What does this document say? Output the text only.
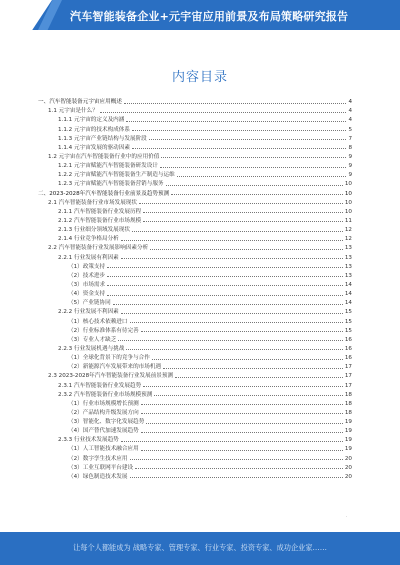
汽车智能装备企业+元宇宙应用前景及布局策略研究报告
内容目录
一、汽车智能装备元宇宙应用概述	4
1.1 元宇宙是什么？	4
1.1.1 元宇宙的定义及内涵	4
1.1.2 元宇宙的技术构成体系	5
1.1.3 元宇宙产业链结构与发展阶段	7
1.1.4 元宇宙发展的驱动因素	8
1.2 元宇宙在汽车智能装备行业中的应用价值	9
1.2.1 元宇宙赋能汽车智能装备研发设计	9
1.2.2 元宇宙赋能汽车智能装备生产制造与运维	9
1.2.3 元宇宙赋能汽车智能装备营销与服务	10
二、2023-2028年汽车智能装备行业前景及趋势预测	10
2.1 汽车智能装备行业市场发展现状	10
2.1.1 汽车智能装备行业发展历程	10
2.1.2 汽车智能装备行业市场规模	11
2.1.3 行业细分领域发展现状	12
2.1.4 行业竞争格局分析	12
2.2 汽车智能装备行业发展影响因素分析	13
2.2.1 行业发展有利因素	13
（1）政策支持	13
（2）技术进步	13
（3）市场需求	14
（4）资金支持	14
（5）产业链协同	14
2.2.2 行业发展不利因素	15
（1）核心技术依赖进口	15
（2）行业标准体系有待完善	15
（3）专业人才缺乏	16
2.2.3 行业发展机遇与挑战	16
（1）全球化背景下的竞争与合作	16
（2）新能源汽车发展带来的市场机遇	17
2.3 2023-2028年汽车智能装备行业发展前景预测	17
2.3.1 汽车智能装备行业发展趋势	17
2.3.2 汽车智能装备行业市场规模预测	18
（1）行业市场规模增长预测	18
（2）产品结构升级发展方向	18
（3）智能化、数字化发展趋势	19
（4）国产替代加速发展趋势	19
2.3.3 行业技术发展趋势	19
（1）人工智能技术融合应用	19
（2）数字孪生技术应用	20
（3）工业互联网平台建设	20
（4）绿色制造技术发展	20
·
让每个人都能成为 战略专家、管理专家、行业专家、投资专家、成功企业家……
